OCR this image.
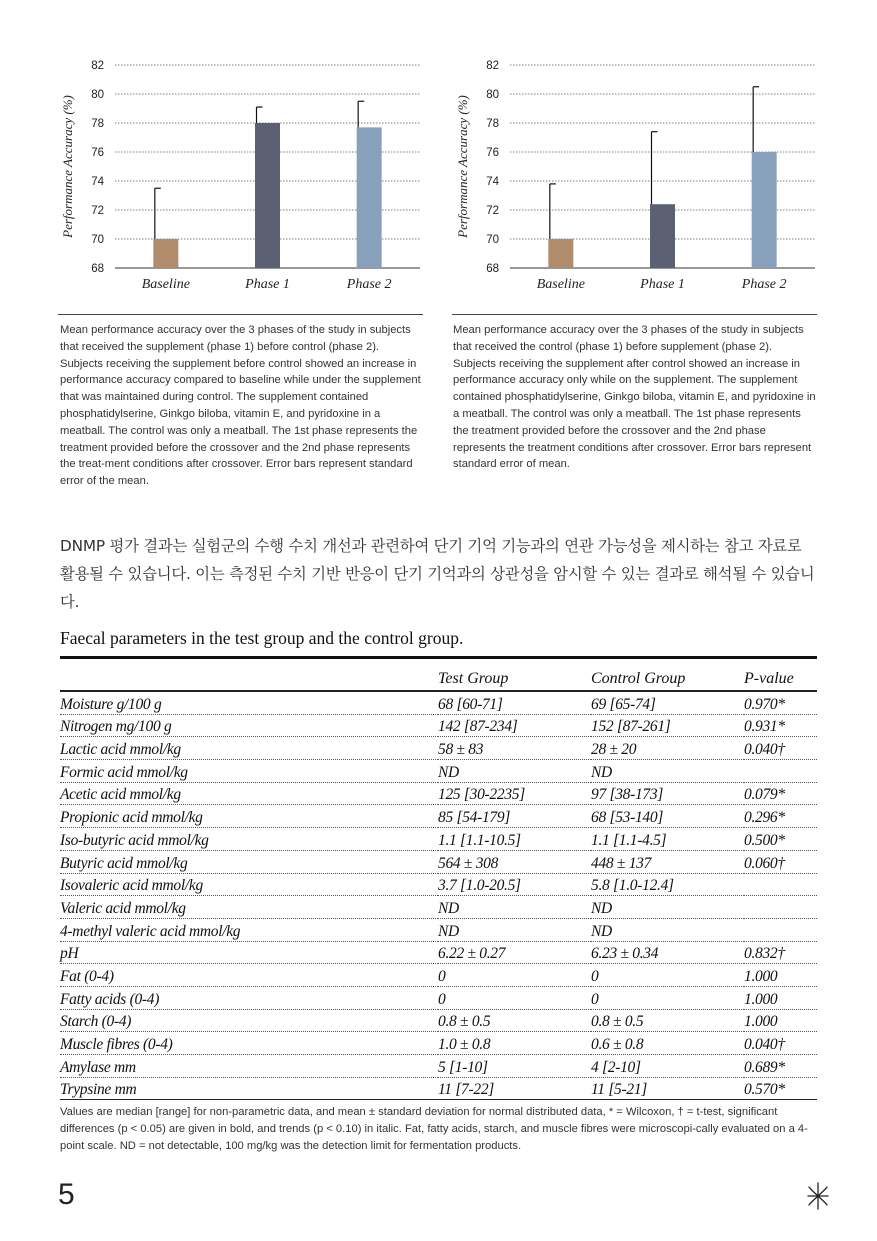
Performance Accuracy (%)
68
70
72
74
76
78
80
82
Baseline	Phase 1	Phase 2
Performance Accuracy (%)
68
70
72
74
76
78
80
82
Baseline	Phase 1	Phase 2
Mean performance accuracy over the 3 phases of the study in subjects that received the supplement (phase 1) before control (phase 2). Subjects receiving the supplement before control showed an increase in performance accuracy compared to baseline while under the supplement that was maintained during control. The supplement contained phosphatidylserine, Ginkgo biloba, vitamin E, and pyridoxine in a meatball. The control was only a meatball. The 1st phase represents the treatment provided before the crossover and the 2nd phase represents the treat-ment conditions after crossover. Error bars represent standard error of the mean.
Mean performance accuracy over the 3 phases of the study in subjects that received the control (phase 1) before supplement (phase 2). Subjects receiving the supplement after control showed an increase in performance accuracy only while on the supplement. The supplement contained phosphatidylserine, Ginkgo biloba, vitamin E, and pyridoxine in a meatball. The control was only a meatball. The 1st phase represents the treatment provided before the crossover and the 2nd phase represents the treatment conditions after crossover. Error bars represent standard error of mean.
DNMP 평가 결과는 실험군의 수행 수치 개선과 관련하여 단기 기억 기능과의 연관 가능성을 제시하는 참고 자료로 활용될 수 있습니다. 이는 측정된 수치 기반 반응이 단기 기억과의 상관성을 암시할 수 있는 결과로 해석될 수 있습니다.
Faecal parameters in the test group and the control group.
	Test Group	Control Group	P-value
Moisture g/100 g	68 [60-71]	69 [65-74]	0.970*
Nitrogen mg/100 g	142 [87-234]	152 [87-261]	0.931*
Lactic acid mmol/kg	58 ± 83	28 ± 20	0.040†
Formic acid mmol/kg	ND	ND	
Acetic acid mmol/kg	125 [30-2235]	97 [38-173]	0.079*
Propionic acid mmol/kg	85 [54-179]	68 [53-140]	0.296*
Iso-butyric acid mmol/kg	1.1 [1.1-10.5]	1.1 [1.1-4.5]	0.500*
Butyric acid mmol/kg	564 ± 308	448 ± 137	0.060†
Isovaleric acid mmol/kg	3.7 [1.0-20.5]	5.8 [1.0-12.4]	
Valeric acid mmol/kg	ND	ND	
4-methyl valeric acid mmol/kg	ND	ND	
pH	6.22 ± 0.27	6.23 ± 0.34	0.832†
Fat (0-4)	0	0	1.000
Fatty acids (0-4)	0	0	1.000
Starch (0-4)	0.8 ± 0.5	0.8 ± 0.5	1.000
Muscle fibres (0-4)	1.0 ± 0.8	0.6 ± 0.8	0.040†
Amylase mm	5 [1-10]	4 [2-10]	0.689*
Trypsine mm	11 [7-22]	11 [5-21]	0.570*
Values are median [range] for non-parametric data, and mean ± standard deviation for normal distributed data, * = Wilcoxon, † = t-test, significant differences (p < 0.05) are given in bold, and trends (p < 0.10) in italic. Fat, fatty acids, starch, and muscle fibres were microscopi-cally evaluated on a 4-point scale. ND = not detectable, 100 mg/kg was the detection limit for fermentation products.
5
